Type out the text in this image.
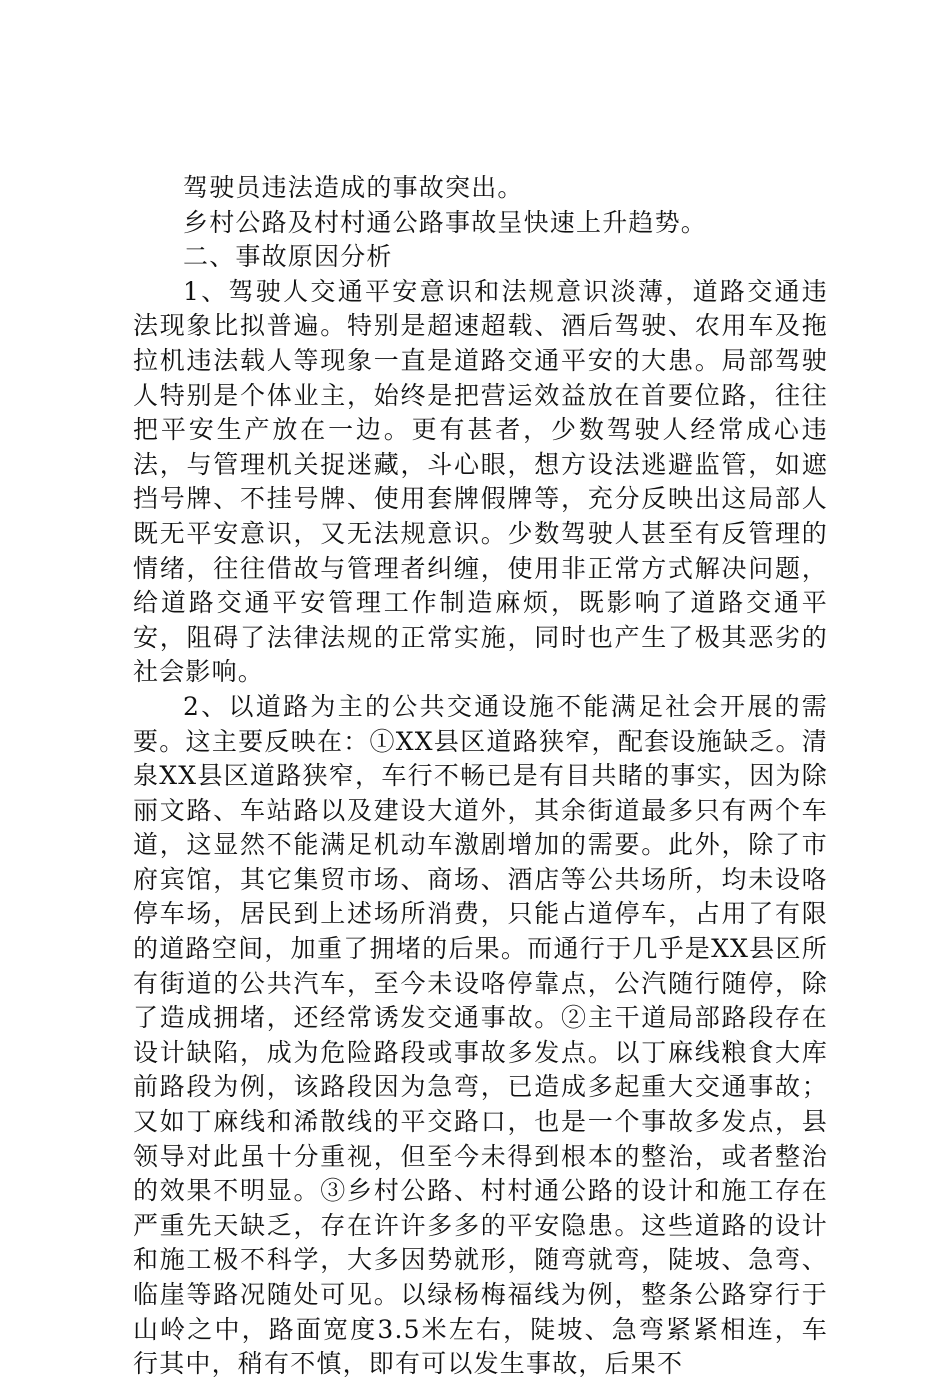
驾驶员违法造成的事故突出。

乡村公路及村村通公路事故呈快速上升趋势。

二、事故原因分析

1、驾驶人交通平安意识和法规意识淡薄，道路交通违法现象比拟普遍。特别是超速超载、酒后驾驶、农用车及拖拉机违法载人等现象一直是道路交通平安的大患。局部驾驶人特别是个体业主，始终是把营运效益放在首要位路，往往把平安生产放在一边。更有甚者，少数驾驶人经常成心违法，与管理机关捉迷藏，斗心眼，想方设法逃避监管，如遮挡号牌、不挂号牌、使用套牌假牌等，充分反映出这局部人既无平安意识，又无法规意识。少数驾驶人甚至有反管理的情绪，往往借故与管理者纠缠，使用非正常方式解决问题，给道路交通平安管理工作制造麻烦，既影响了道路交通平安，阻碍了法律法规的正常实施，同时也产生了极其恶劣的社会影响。

2、以道路为主的公共交通设施不能满足社会开展的需要。这主要反映在：①XX县区道路狭窄，配套设施缺乏。清泉XX县区道路狭窄，车行不畅已是有目共睹的事实，因为除丽文路、车站路以及建设大道外，其余街道最多只有两个车道，这显然不能满足机动车激剧增加的需要。此外，除了市府宾馆，其它集贸市场、商场、酒店等公共场所，均未设咯停车场，居民到上述场所消费，只能占道停车，占用了有限的道路空间，加重了拥堵的后果。而通行于几乎是XX县区所有街道的公共汽车，至今未设咯停靠点，公汽随行随停，除了造成拥堵，还经常诱发交通事故。②主干道局部路段存在设计缺陷，成为危险路段或事故多发点。以丁麻线粮食大库前路段为例，该路段因为急弯，已造成多起重大交通事故；又如丁麻线和浠散线的平交路口，也是一个事故多发点，县领导对此虽十分重视，但至今未得到根本的整治，或者整治的效果不明显。③乡村公路、村村通公路的设计和施工存在严重先天缺乏，存在许许多多的平安隐患。这些道路的设计和施工极不科学，大多因势就形，随弯就弯，陡坡、急弯、临崖等路况随处可见。以绿杨梅福线为例，整条公路穿行于山岭之中，路面宽度3.5米左右，陡坡、急弯紧紧相连，车行其中，稍有不慎，即有可以发生事故，后果不
